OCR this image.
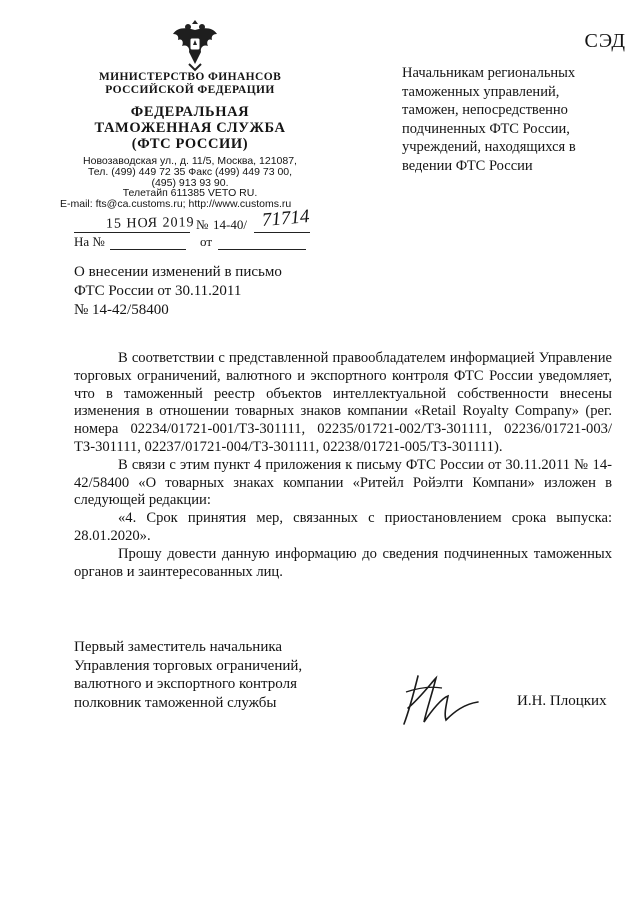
СЭД
МИНИСТЕРСТВО ФИНАНСОВ
РОССИЙСКОЙ ФЕДЕРАЦИИ
ФЕДЕРАЛЬНАЯ
ТАМОЖЕННАЯ СЛУЖБА
(ФТС РОССИИ)
Новозаводская ул., д. 11/5, Москва, 121087,
Тел. (499) 449 72 35 Факс (499) 449 73 00,
(495) 913 93 90.
Телетайп 611385 VETO RU.
E-mail: fts@ca.customs.ru; http://www.customs.ru
Начальникам региональных
таможенных управлений,
таможен, непосредственно
подчиненных ФТС России,
учреждений, находящихся в
ведении ФТС России
15 НОЯ 2019 № 14-40/ 71714
На №	от
О внесении изменений в письмо
ФТС России от 30.11.2011
№ 14-42/58400

В соответствии с представленной правообладателем информацией Управление торговых ограничений, валютного и экспортного контроля ФТС России уведомляет, что в таможенный реестр объектов интеллектуальной собственности внесены изменения в отношении товарных знаков компании «Retail Royalty Company» (рег. номера 02234/01721-001/ТЗ-301111, 02235/01721-002/ТЗ-301111, 02236/01721-003/ТЗ-301111, 02237/01721-004/ТЗ-301111, 02238/01721-005/ТЗ-301111).

В связи с этим пункт 4 приложения к письму ФТС России от 30.11.2011 № 14-42/58400 «О товарных знаках компании «Ритейл Ройэлти Компани» изложен в следующей редакции:

«4. Срок принятия мер, связанных с приостановлением срока выпуска: 28.01.2020».

Прошу довести данную информацию до сведения подчиненных таможенных органов и заинтересованных лиц.

Первый заместитель начальника
Управления торговых ограничений,
валютного и экспортного контроля
полковник таможенной службы	И.Н. Плоцких
